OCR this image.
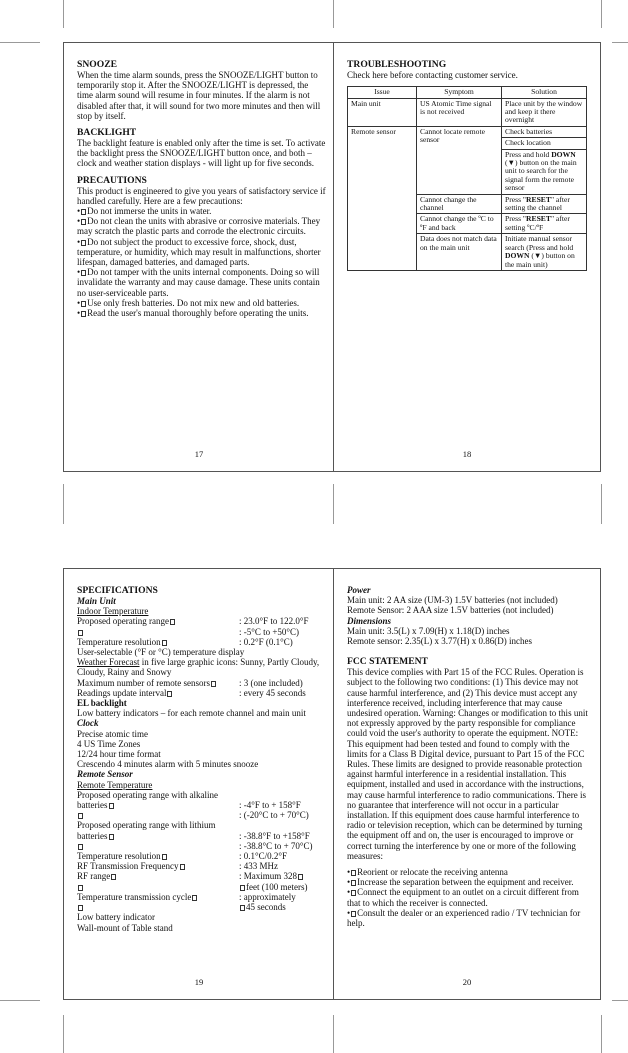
SNOOZE

When the time alarm sounds, press the SNOOZE/LIGHT button to temporarily stop it. After the SNOOZE/LIGHT is depressed, the time alarm sound will resume in four minutes. If the alarm is not disabled after that, it will sound for two more minutes and then will stop by itself.

BACKLIGHT

The backlight feature is enabled only after the time is set. To activate the backlight press the SNOOZE/LIGHT button once, and both – clock and weather station displays - will light up for five seconds.

PRECAUTIONS

This product is engineered to give you years of satisfactory service if handled carefully. Here are a few precautions:

• Do not immerse the units in water.

• Do not clean the units with abrasive or corrosive materials. They may scratch the plastic parts and corrode the electronic circuits.

• Do not subject the product to excessive force, shock, dust, temperature, or humidity, which may result in malfunctions, shorter lifespan, damaged batteries, and damaged parts.

• Do not tamper with the units internal components. Doing so will invalidate the warranty and may cause damage. These units contain no user-serviceable parts.

• Use only fresh batteries. Do not mix new and old batteries.

• Read the user's manual thoroughly before operating the units.

17
TROUBLESHOOTING

Check here before contacting customer service.

Issue	Symptom	Solution
Main unit	US Atomic Time signal is not received	Place unit by the window and keep it there overnight
Remote sensor	Cannot locate remote sensor	Check batteries
		Check location
		Press and hold DOWN (▼) button on the main unit to search for the signal form the remote sensor
	Cannot change the channel	Press "RESET" after setting the channel
	Cannot change the ºC to ºF and back	Press "RESET" after setting ºC/ºF
	Data does not match data on the main unit	Initiate manual sensor search (Press and hold DOWN (▼) button on the main unit)
18
SPECIFICATIONS

Main Unit

Indoor Temperature

Proposed operating range	: 23.0°F to 122.0°F
: -5°C to +50°C)
Temperature resolution	: 0.2°F (0.1°C)

User-selectable (°F or °C) temperature display

Weather Forecast in five large graphic icons: Sunny, Partly Cloudy, Cloudy, Rainy and Snowy

Maximum number of remote sensors	: 3 (one included)
Readings update interval	: every 45 seconds

EL backlight

Low battery indicators – for each remote channel and main unit

Clock

Precise atomic time

4 US Time Zones

12/24 hour time format

Crescendo 4 minutes alarm with 5 minutes snooze

Remote Sensor

Remote Temperature

Proposed operating range with alkaline

batteries	: -4°F to + 158°F
: (-20°C to + 70°C)

Proposed operating range with lithium

batteries	: -38.8°F to +158°F
: -38.8°C to + 70°C)
Temperature resolution	: 0.1°C/0.2°F
RF Transmission Frequency	: 433 MHz
RF range	: Maximum 328
feet (100 meters)
Temperature transmission cycle	: approximately
45 seconds

Low battery indicator

Wall-mount of Table stand

19

Power

Main unit: 2 AA size (UM-3) 1.5V batteries (not included)

Remote Sensor: 2 AAA size 1.5V batteries (not included)

Dimensions

Main unit: 3.5(L) x 7.09(H) x 1.18(D) inches

Remote sensor: 2.35(L) x 3.77(H) x 0.86(D) inches

FCC STATEMENT

This device complies with Part 15 of the FCC Rules. Operation is subject to the following two conditions: (1) This device may not cause harmful interference, and (2) This device must accept any interference received, including interference that may cause undesired operation. Warning: Changes or modification to this unit not expressly approved by the party responsible for compliance could void the user's authority to operate the equipment. NOTE: This equipment had been tested and found to comply with the limits for a Class B Digital device, pursuant to Part 15 of the FCC Rules. These limits are designed to provide reasonable protection against harmful interference in a residential installation. This equipment, installed and used in accordance with the instructions, may cause harmful interference to radio communications. There is no guarantee that interference will not occur in a particular installation. If this equipment does cause harmful interference to radio or television reception, which can be determined by turning the equipment off and on, the user is encouraged to improve or correct turning the interference by one or more of the following measures:

• Reorient or relocate the receiving antenna

• Increase the separation between the equipment and receiver.

• Connect the equipment to an outlet on a circuit different from that to which the receiver is connected.

• Consult the dealer or an experienced radio / TV technician for help.

20
